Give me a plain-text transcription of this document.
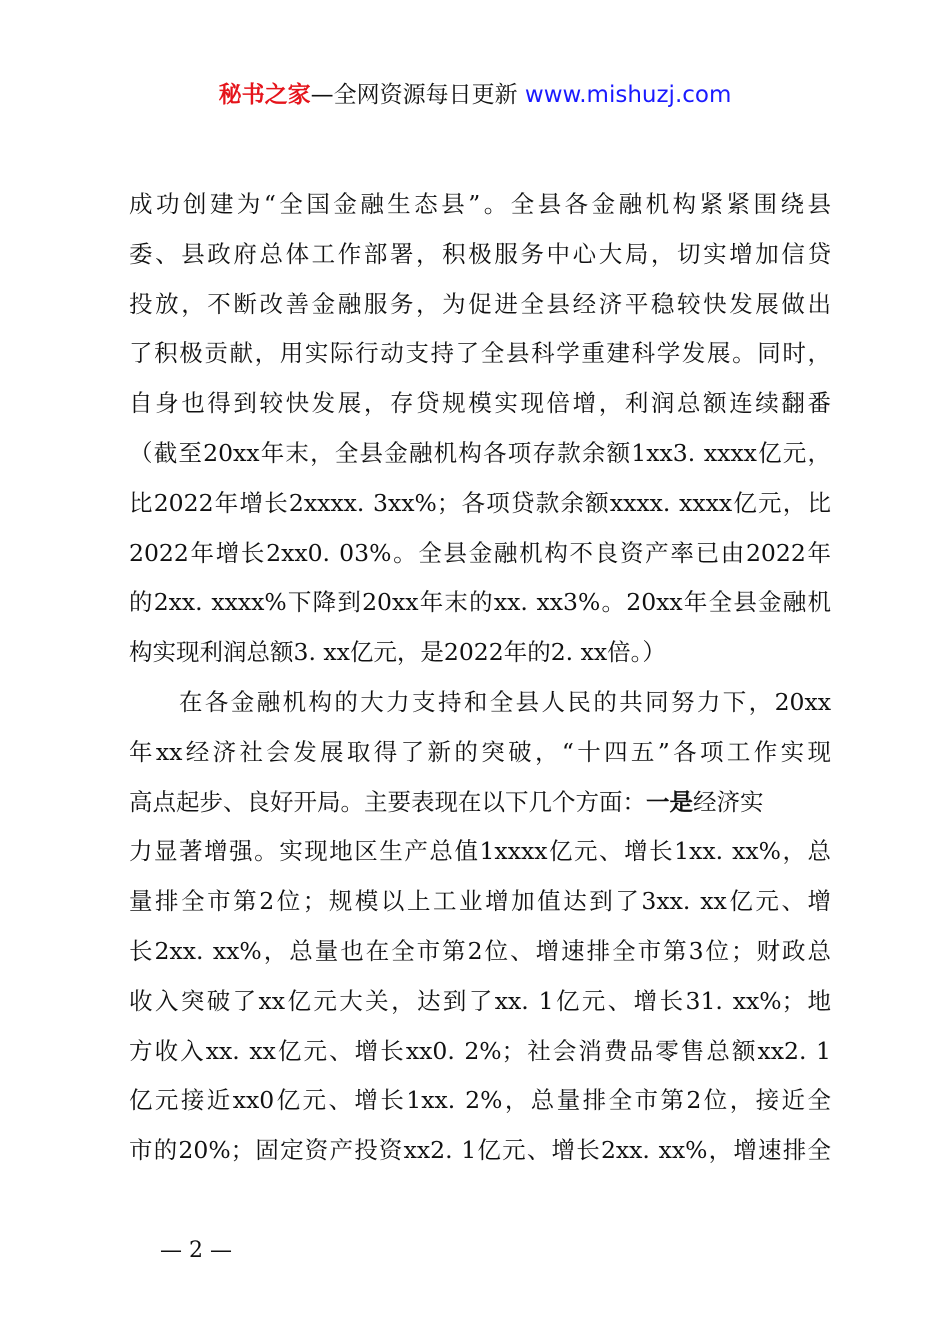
秘书之家—全网资源每日更新 www.mishuzj.com
成功创建为“全国金融生态县”。全县各金融机构紧紧围绕县
委、县政府总体工作部署，积极服务中心大局，切实增加信贷
投放，不断改善金融服务，为促进全县经济平稳较快发展做出
了积极贡献，用实际行动支持了全县科学重建科学发展。同时，
自身也得到较快发展，存贷规模实现倍增，利润总额连续翻番
（截至20xx年末，全县金融机构各项存款余额1xx3. xxxx亿元，
比2022年增长2xxxx. 3xx%；各项贷款余额xxxx. xxxx亿元，比
2022年增长2xx0. 03%。全县金融机构不良资产率已由2022年
的2xx. xxxx%下降到20xx年末的xx. xx3%。20xx年全县金融机
构实现利润总额3. xx亿元，是2022年的2. xx倍。）
在各金融机构的大力支持和全县人民的共同努力下，20xx
年xx经济社会发展取得了新的突破，“十四五”各项工作实现
高点起步、良好开局。主要表现在以下几个方面：一是经济实
力显著增强。实现地区生产总值1xxxx亿元、增长1xx. xx%，总
量排全市第2位；规模以上工业增加值达到了3xx. xx亿元、增
长2xx. xx%，总量也在全市第2位、增速排全市第3位；财政总
收入突破了xx亿元大关，达到了xx. 1亿元、增长31. xx%；地
方收入xx. xx亿元、增长xx0. 2%；社会消费品零售总额xx2. 1
亿元接近xx0亿元、增长1xx. 2%，总量排全市第2位，接近全
市的20%；固定资产投资xx2. 1亿元、增长2xx. xx%，增速排全
— 2 —
